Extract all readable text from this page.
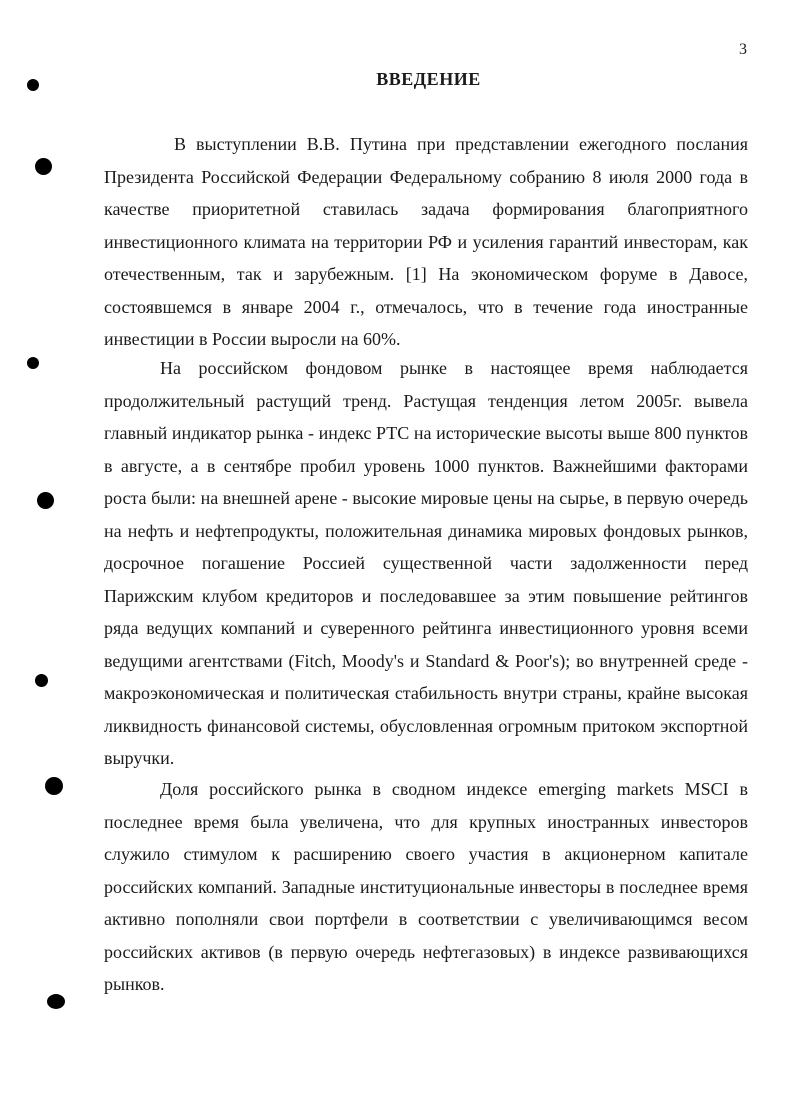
3
ВВЕДЕНИЕ

В выступлении В.В. Путина при представлении ежегодного послания Президента Российской Федерации Федеральному собранию 8 июля 2000 года в качестве приоритетной ставилась задача формирования благоприятного инвестиционного климата на территории РФ и усиления гарантий инвесторам, как отечественным, так и зарубежным. [1] На экономическом форуме в Давосе, состоявшемся в январе 2004 г., отмечалось, что в течение года иностранные инвестиции в России выросли на 60%.

На российском фондовом рынке в настоящее время наблюдается продолжительный растущий тренд. Растущая тенденция летом 2005г. вывела главный индикатор рынка - индекс РТС на исторические высоты выше 800 пунктов в августе, а в сентябре пробил уровень 1000 пунктов. Важнейшими факторами роста были: на внешней арене - высокие мировые цены на сырье, в первую очередь на нефть и нефтепродукты, положительная динамика мировых фондовых рынков, досрочное погашение Россией существенной части задолженности перед Парижским клубом кредиторов и последовавшее за этим повышение рейтингов ряда ведущих компаний и суверенного рейтинга инвестиционного уровня всеми ведущими агентствами (Fitch, Moody's и Standard & Poor's); во внутренней среде - макроэкономическая и политическая стабильность внутри страны, крайне высокая ликвидность финансовой системы, обусловленная огромным притоком экспортной выручки.

Доля российского рынка в сводном индексе emerging markets MSCI в последнее время была увеличена, что для крупных иностранных инвесторов служило стимулом к расширению своего участия в акционерном капитале российских компаний. Западные институциональные инвесторы в последнее время активно пополняли свои портфели в соответствии с увеличивающимся весом российских активов (в первую очередь нефтегазовых) в индексе развивающихся рынков.
